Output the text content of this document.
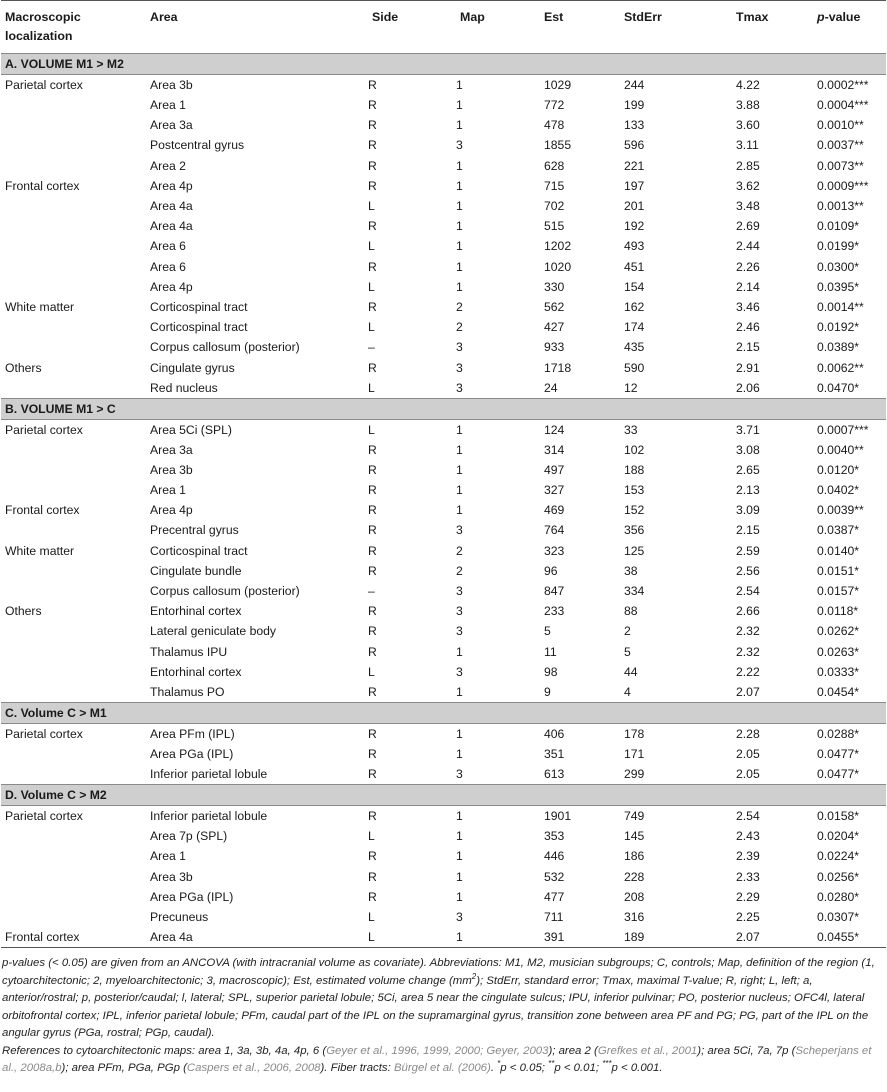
Macroscopic
localization	Area	Side	Map	Est	StdErr	Tmax	p-value
A. VOLUME M1 > M2							
Parietal cortex	Area 3b	R	1	1029	244	4.22	0.0002***
	Area 1	R	1	772	199	3.88	0.0004***
	Area 3a	R	1	478	133	3.60	0.0010**
	Postcentral gyrus	R	3	1855	596	3.11	0.0037**
	Area 2	R	1	628	221	2.85	0.0073**
Frontal cortex	Area 4p	R	1	715	197	3.62	0.0009***
	Area 4a	L	1	702	201	3.48	0.0013**
	Area 4a	R	1	515	192	2.69	0.0109*
	Area 6	L	1	1202	493	2.44	0.0199*
	Area 6	R	1	1020	451	2.26	0.0300*
	Area 4p	L	1	330	154	2.14	0.0395*
White matter	Corticospinal tract	R	2	562	162	3.46	0.0014**
	Corticospinal tract	L	2	427	174	2.46	0.0192*
	Corpus callosum (posterior)	–	3	933	435	2.15	0.0389*
Others	Cingulate gyrus	R	3	1718	590	2.91	0.0062**
	Red nucleus	L	3	24	12	2.06	0.0470*
B. VOLUME M1 > C							
Parietal cortex	Area 5Ci (SPL)	L	1	124	33	3.71	0.0007***
	Area 3a	R	1	314	102	3.08	0.0040**
	Area 3b	R	1	497	188	2.65	0.0120*
	Area 1	R	1	327	153	2.13	0.0402*
Frontal cortex	Area 4p	R	1	469	152	3.09	0.0039**
	Precentral gyrus	R	3	764	356	2.15	0.0387*
White matter	Corticospinal tract	R	2	323	125	2.59	0.0140*
	Cingulate bundle	R	2	96	38	2.56	0.0151*
	Corpus callosum (posterior)	–	3	847	334	2.54	0.0157*
Others	Entorhinal cortex	R	3	233	88	2.66	0.0118*
	Lateral geniculate body	R	3	5	2	2.32	0.0262*
	Thalamus IPU	R	1	11	5	2.32	0.0263*
	Entorhinal cortex	L	3	98	44	2.22	0.0333*
	Thalamus PO	R	1	9	4	2.07	0.0454*
C. Volume C > M1							
Parietal cortex	Area PFm (IPL)	R	1	406	178	2.28	0.0288*
	Area PGa (IPL)	R	1	351	171	2.05	0.0477*
	Inferior parietal lobule	R	3	613	299	2.05	0.0477*
D. Volume C > M2							
Parietal cortex	Inferior parietal lobule	R	1	1901	749	2.54	0.0158*
	Area 7p (SPL)	L	1	353	145	2.43	0.0204*
	Area 1	R	1	446	186	2.39	0.0224*
	Area 3b	R	1	532	228	2.33	0.0256*
	Area PGa (IPL)	R	1	477	208	2.29	0.0280*
	Precuneus	L	3	711	316	2.25	0.0307*
Frontal cortex	Area 4a	L	1	391	189	2.07	0.0455*

p-values (< 0.05) are given from an ANCOVA (with intracranial volume as covariate). Abbreviations: M1, M2, musician subgroups; C, controls; Map, definition of the region (1, cytoarchitectonic; 2, myeloarchitectonic; 3, macroscopic); Est, estimated volume change $(mm^2)$; StdErr, standard error; Tmax, maximal T-value; R, right; L, left; a, anterior/rostral; p, posterior/caudal; l, lateral; SPL, superior parietal lobule; 5Ci, area 5 near the cingulate sulcus; IPU, inferior pulvinar; PO, posterior nucleus; OFC4l, lateral orbitofrontal cortex; IPL, inferior parietal lobule; PFm, caudal part of the IPL on the supramarginal gyrus, transition zone between area PF and PG; PG, part of the IPL on the angular gyrus (PGa, rostral; PGp, caudal).

References to cytoarchitectonic maps: area 1, 3a, 3b, 4a, 4p, 6 (Geyer et al., 1996, 1999, 2000; Geyer, 2003); area 2 (Grefkes et al., 2001); area 5Ci, 7a, 7p (Scheperjans et al., 2008a,b); area PFm, PGa, PGp (Caspers et al., 2006, 2008). Fiber tracts: Bürgel et al. (2006). *p < 0.05; **p < 0.01; ***p < 0.001.
